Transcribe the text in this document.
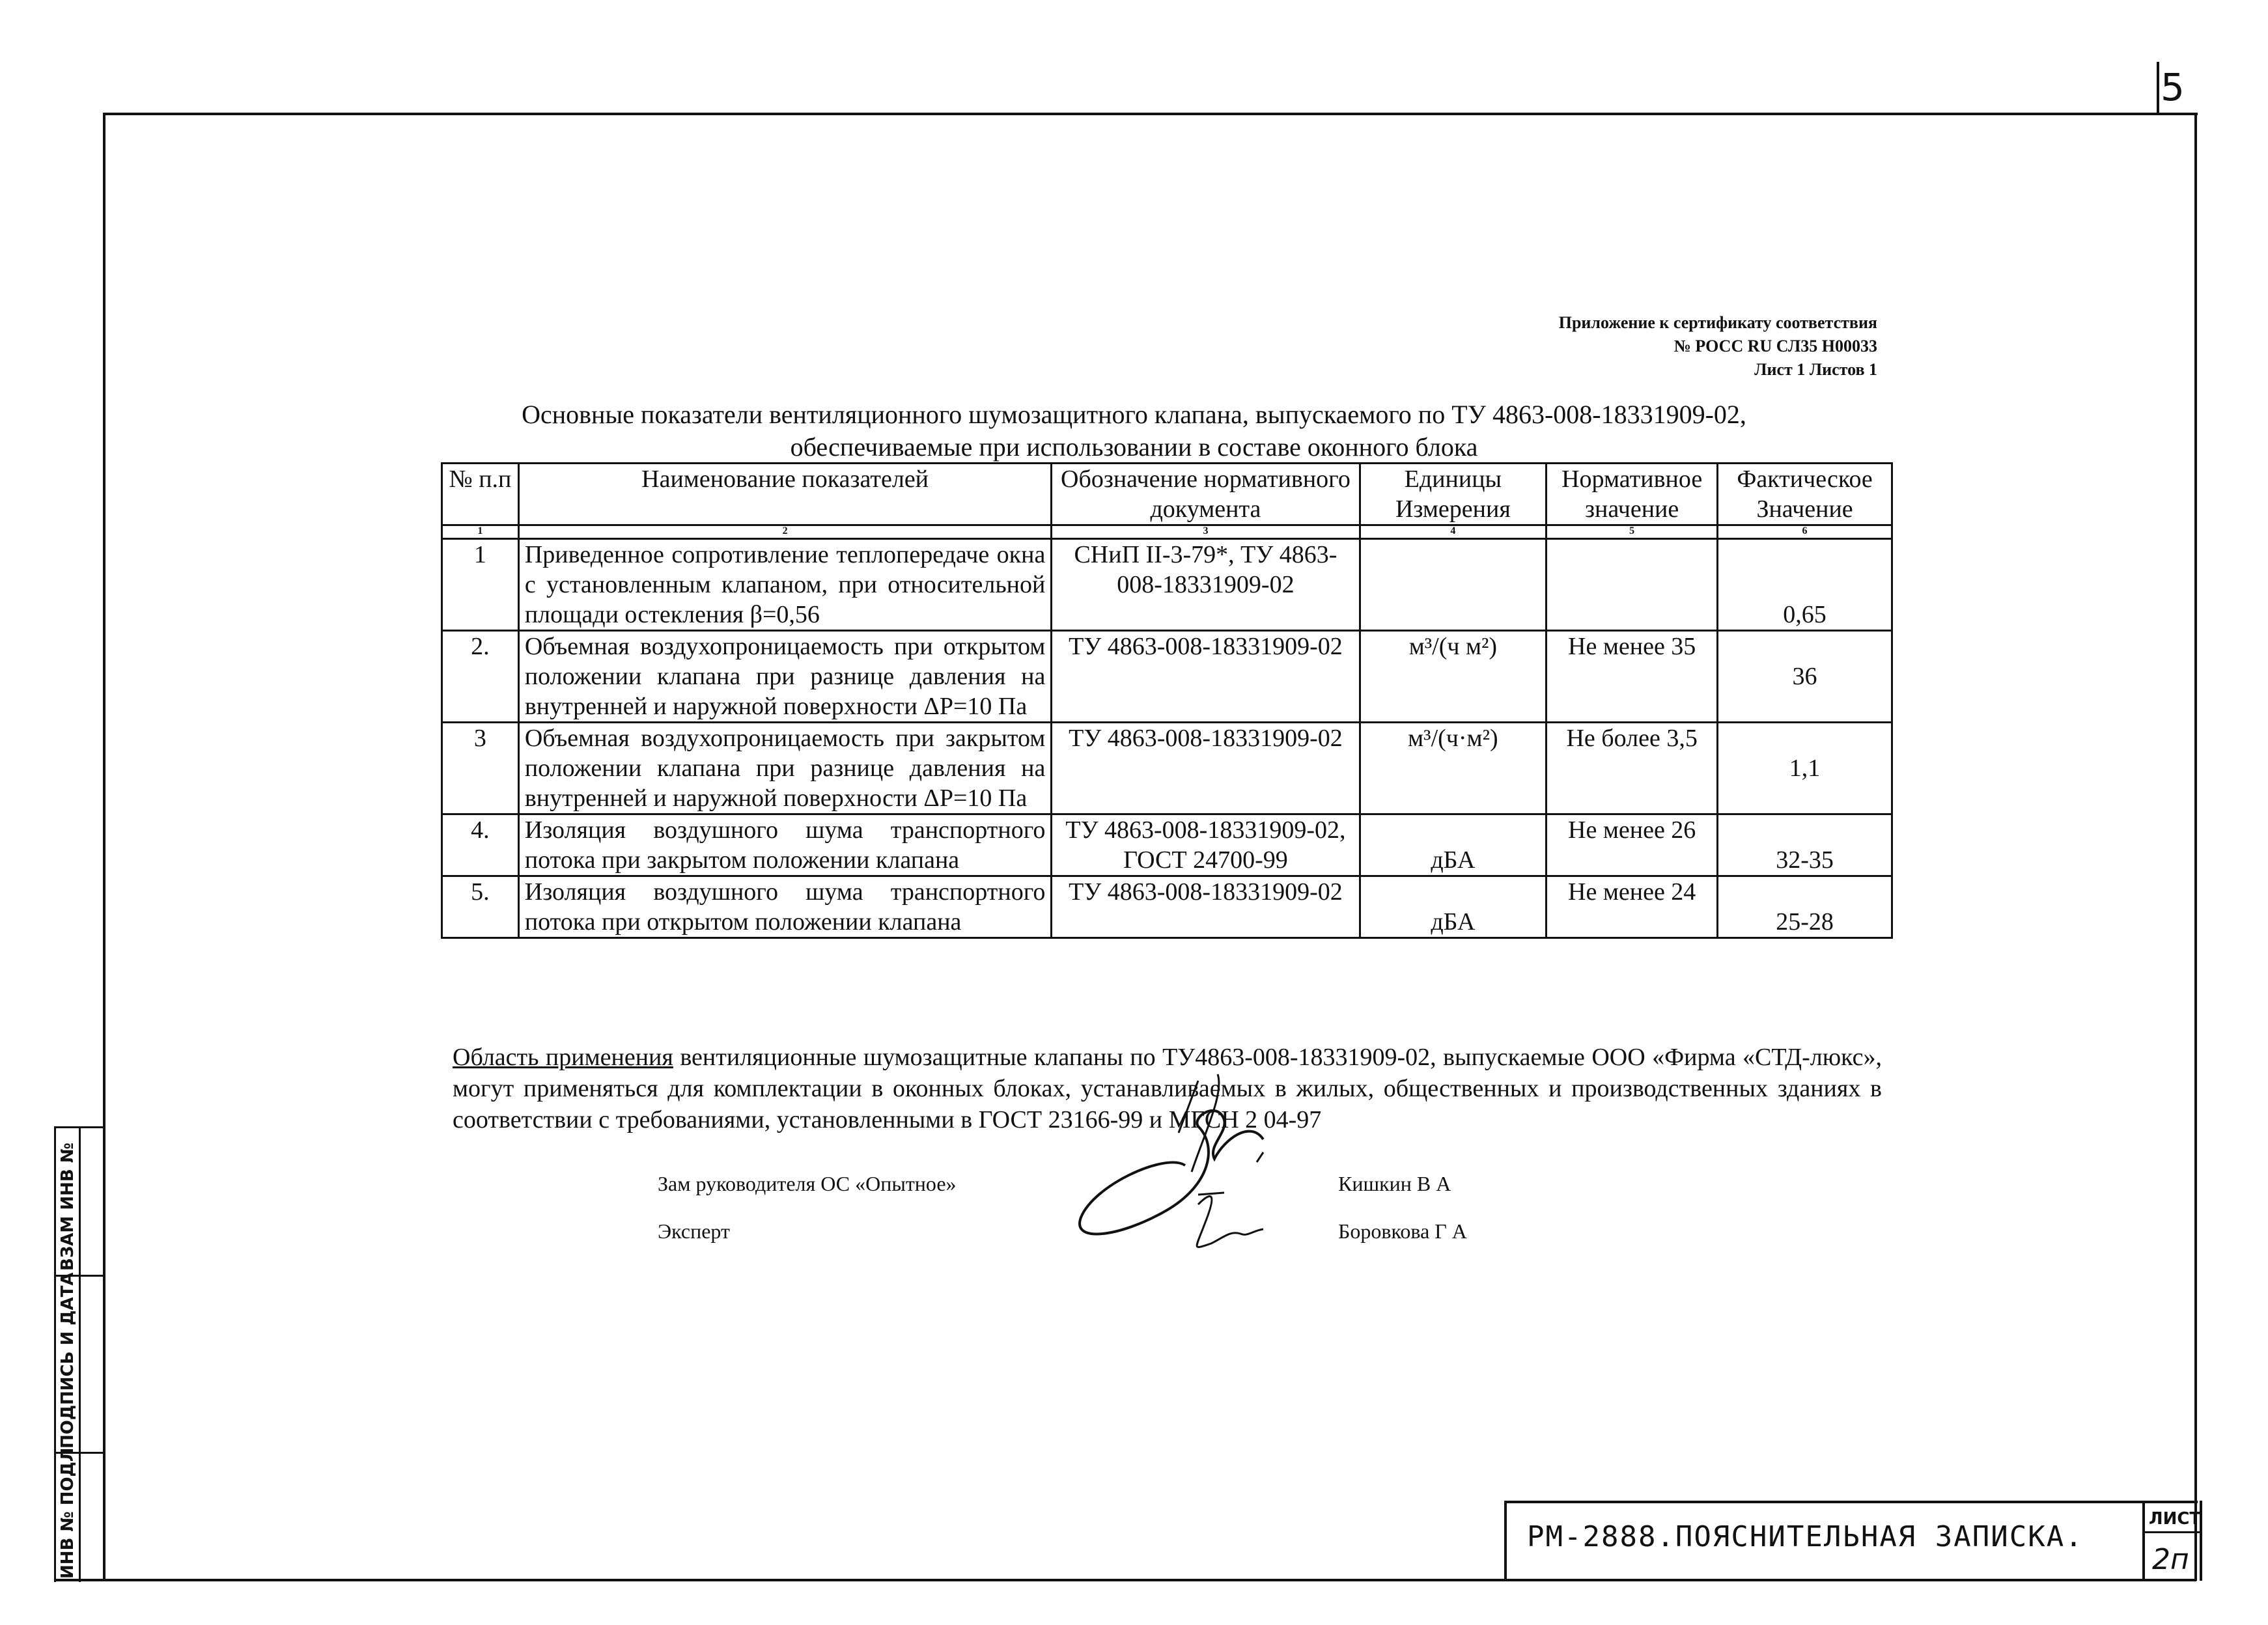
5
Приложение к сертификату соответствия
№ РОСС RU СЛ35 Н00033
Лист 1 Листов 1
Основные показатели вентиляционного шумозащитного клапана, выпускаемого по ТУ 4863-008-18331909-02,
обеспечиваемые при использовании в составе оконного блока
№ п.п	Наименование показателей	Обозначение нормативного документа	Единицы Измерения	Нормативное значение	Фактическое Значение
1	2	3	4	5	6
1	Приведенное сопротивление теплопередаче окна с установленным клапаном, при относительной площади остекления β=0,56	СНиП II-3-79*, ТУ 4863-008-18331909-02			0,65
2.	Объемная воздухопроницаемость при открытом положении клапана при разнице давления на внутренней и наружной поверхности ΔP=10 Па	ТУ 4863-008-18331909-02	м³/(ч м²)	Не менее 35	36
3	Объемная воздухопроницаемость при закрытом положении клапана при разнице давления на внутренней и наружной поверхности ΔP=10 Па	ТУ 4863-008-18331909-02	м³/(ч·м²)	Не более 3,5	1,1
4.	Изоляция воздушного шума транспортного потока при закрытом положении клапана	ТУ 4863-008-18331909-02, ГОСТ 24700-99	дБА	Не менее 26	32-35
5.	Изоляция воздушного шума транспортного потока при открытом положении клапана	ТУ 4863-008-18331909-02	дБА	Не менее 24	25-28
Область применения вентиляционные шумозащитные клапаны по ТУ4863-008-18331909-02, выпускаемые ООО «Фирма «СТД-люкс», могут применяться для комплектации в оконных блоках, устанавливаемых в жилых, общественных и производственных зданиях в соответствии с требованиями, установленными в ГОСТ 23166-99 и МГСН 2 04-97
Зам руководителя ОС «Опытное»	Кишкин В А
Эксперт	Боровкова Г А
ИНВ № ПОДЛ
ПОДПИСЬ И ДАТА
ВЗАМ ИНВ №
РМ-2888.ПОЯСНИТЕЛЬНАЯ ЗАПИСКА.
ЛИСТ
2п
